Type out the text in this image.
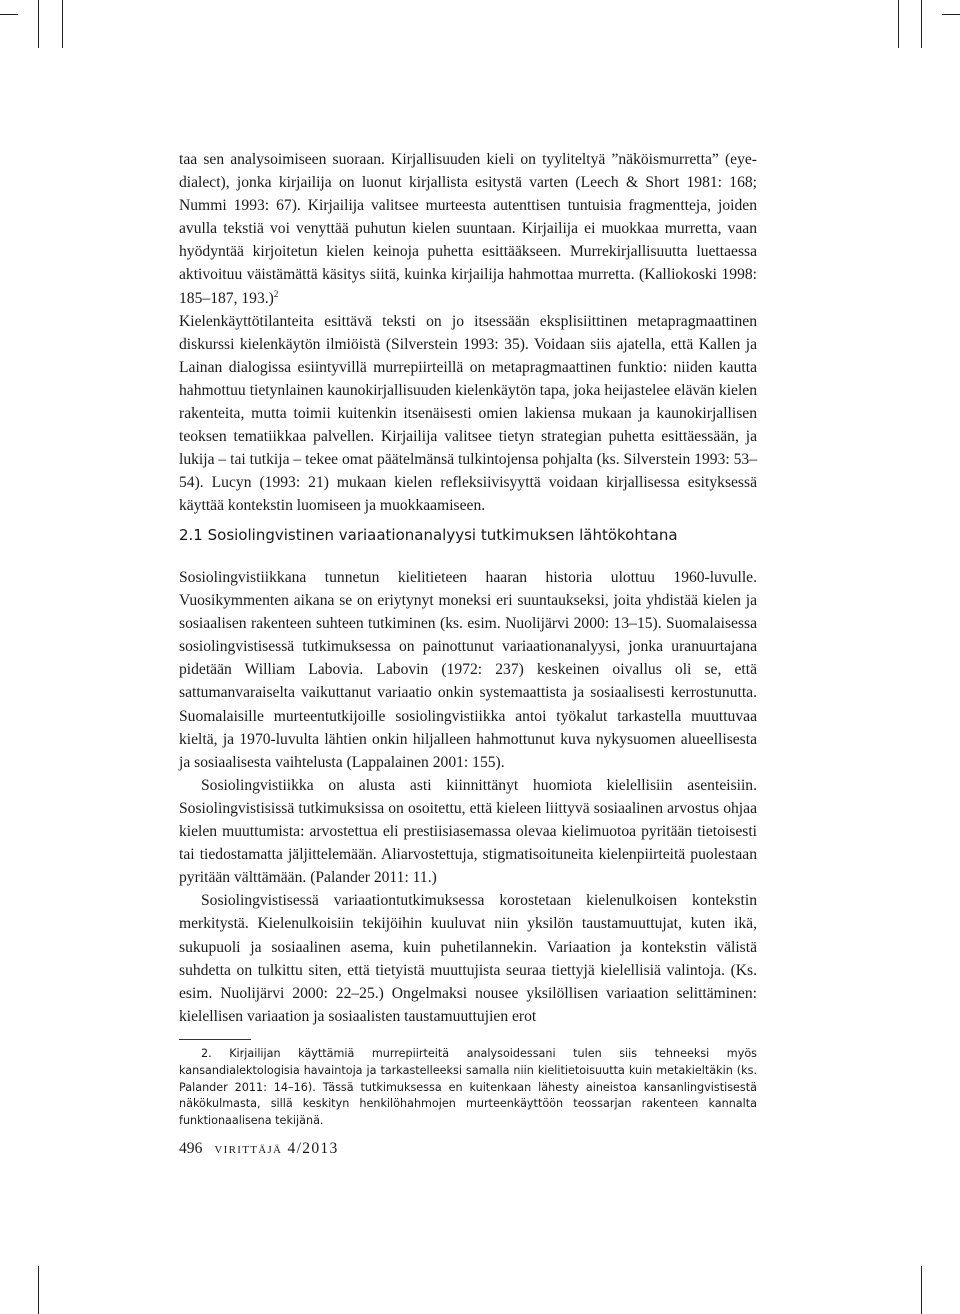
taa sen analysoimiseen suoraan. Kirjallisuuden kieli on tyyliteltyä ”näköismurretta” (eye-dialect), jonka kirjailija on luonut kirjallista esitystä varten (Leech & Short 1981: 168; Nummi 1993: 67). Kirjailija valitsee murteesta autenttisen tuntuisia fragmentteja, joiden avulla tekstiä voi venyttää puhutun kielen suuntaan. Kirjailija ei muokkaa murretta, vaan hyödyntää kirjoitetun kielen keinoja puhetta esittääkseen. Murrekirjallisuutta luettaessa aktivoituu väistämättä käsitys siitä, kuinka kirjailija hahmottaa murretta. (Kalliokoski 1998: 185–187, 193.)$^2$

Kielenkäyttötilanteita esittävä teksti on jo itsessään eksplisiittinen metapragmaattinen diskurssi kielenkäytön ilmiöistä (Silverstein 1993: 35). Voidaan siis ajatella, että Kallen ja Lainan dialogissa esiintyvillä murrepiirteillä on metapragmaattinen funktio: niiden kautta hahmottuu tietynlainen kaunokirjallisuuden kielenkäytön tapa, joka heijastelee elävän kielen rakenteita, mutta toimii kuitenkin itsenäisesti omien lakiensa mukaan ja kaunokirjallisen teoksen tematiikkaa palvellen. Kirjailija valitsee tietyn strategian puhetta esittäessään, ja lukija – tai tutkija – tekee omat päätelmänsä tulkintojensa pohjalta (ks. Silverstein 1993: 53–54). Lucyn (1993: 21) mukaan kielen refleksiivisyyttä voidaan kirjallisessa esityksessä käyttää kontekstin luomiseen ja muokkaamiseen.

2.1 Sosiolingvistinen variaationanalyysi tutkimuksen lähtökohtana

Sosiolingvistiikkana tunnetun kielitieteen haaran historia ulottuu 1960-luvulle. Vuosikymmenten aikana se on eriytynyt moneksi eri suuntaukseksi, joita yhdistää kielen ja sosiaalisen rakenteen suhteen tutkiminen (ks. esim. Nuolijärvi 2000: 13–15). Suomalaisessa sosiolingvistisessä tutkimuksessa on painottunut variaationanalyysi, jonka uranuurtajana pidetään William Labovia. Labovin (1972: 237) keskeinen oivallus oli se, että sattumanvaraiselta vaikuttanut variaatio onkin systemaattista ja sosiaalisesti kerrostunutta. Suomalaisille murteentutkijoille sosiolingvistiikka antoi työkalut tarkastella muuttuvaa kieltä, ja 1970-luvulta lähtien onkin hiljalleen hahmottunut kuva nykysuomen alueellisesta ja sosiaalisesta vaihtelusta (Lappalainen 2001: 155).

Sosiolingvistiikka on alusta asti kiinnittänyt huomiota kielellisiin asenteisiin. Sosiolingvistisissä tutkimuksissa on osoitettu, että kieleen liittyvä sosiaalinen arvostus ohjaa kielen muuttumista: arvostettua eli prestiisiasemassa olevaa kielimuotoa pyritään tietoisesti tai tiedostamatta jäljittelemään. Aliarvostettuja, stigmatisoituneita kielenpiirteitä puolestaan pyritään välttämään. (Palander 2011: 11.)

Sosiolingvistisessä variaationtutkimuksessa korostetaan kielenulkoisen kontekstin merkitystä. Kielenulkoisiin tekijöihin kuuluvat niin yksilön taustamuuttujat, kuten ikä, sukupuoli ja sosiaalinen asema, kuin puhetilannekin. Variaation ja kontekstin välistä suhdetta on tulkittu siten, että tietyistä muuttujista seuraa tiettyjä kielellisiä valintoja. (Ks. esim. Nuolijärvi 2000: 22–25.) Ongelmaksi nousee yksilöllisen variaation selittäminen: kielellisen variaation ja sosiaalisten taustamuuttujien erot

2. Kirjailijan käyttämiä murrepiirteitä analysoidessani tulen siis tehneeksi myös kansandialektologisia havaintoja ja tarkastelleeksi samalla niin kielitietoisuutta kuin metakieltäkin (ks. Palander 2011: 14–16). Tässä tutkimuksessa en kuitenkaan lähesty aineistoa kansanlingvistisestä näkökulmasta, sillä keskityn henkilöhahmojen murteenkäyttöön teossarjan rakenteen kannalta funktionaalisena tekijänä.

496 virittäjä 4/2013
